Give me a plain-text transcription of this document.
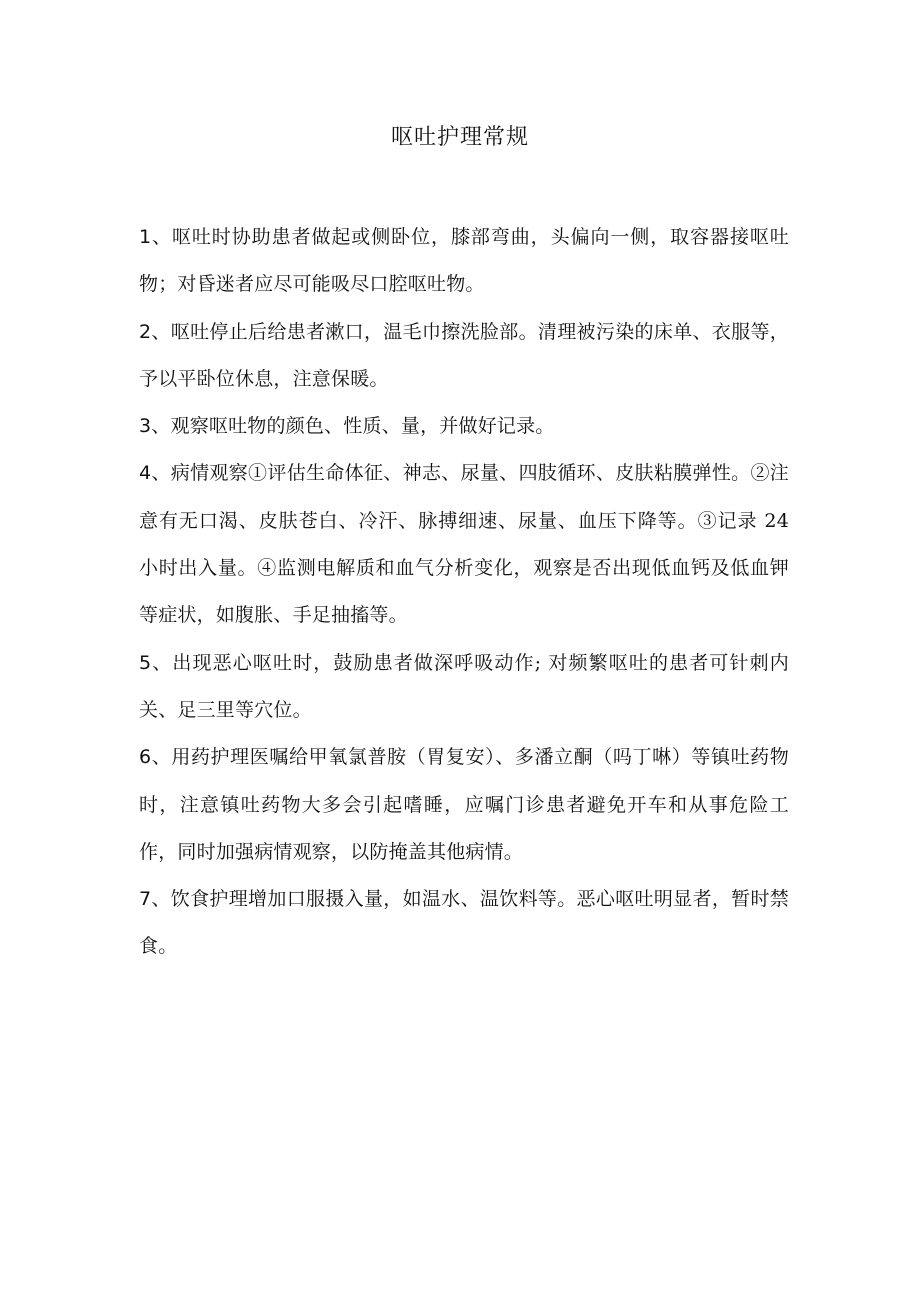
呕吐护理常规

1、呕吐时协助患者做起或侧卧位，膝部弯曲，头偏向一侧，取容器接呕吐物；对昏迷者应尽可能吸尽口腔呕吐物。

2、呕吐停止后给患者漱口，温毛巾擦洗脸部。清理被污染的床单、衣服等，予以平卧位休息，注意保暖。

3、观察呕吐物的颜色、性质、量，并做好记录。

4、病情观察①评估生命体征、神志、尿量、四肢循环、皮肤粘膜弹性。②注意有无口渴、皮肤苍白、冷汗、脉搏细速、尿量、血压下降等。③记录 24 小时出入量。④监测电解质和血气分析变化，观察是否出现低血钙及低血钾等症状，如腹胀、手足抽搐等。

5、出现恶心呕吐时，鼓励患者做深呼吸动作; 对频繁呕吐的患者可针刺内关、足三里等穴位。

6、用药护理医嘱给甲氧氯普胺（胃复安）、多潘立酮（吗丁啉）等镇吐药物时，注意镇吐药物大多会引起嗜睡，应嘱门诊患者避免开车和从事危险工作，同时加强病情观察，以防掩盖其他病情。

7、饮食护理增加口服摄入量，如温水、温饮料等。恶心呕吐明显者，暂时禁食。
